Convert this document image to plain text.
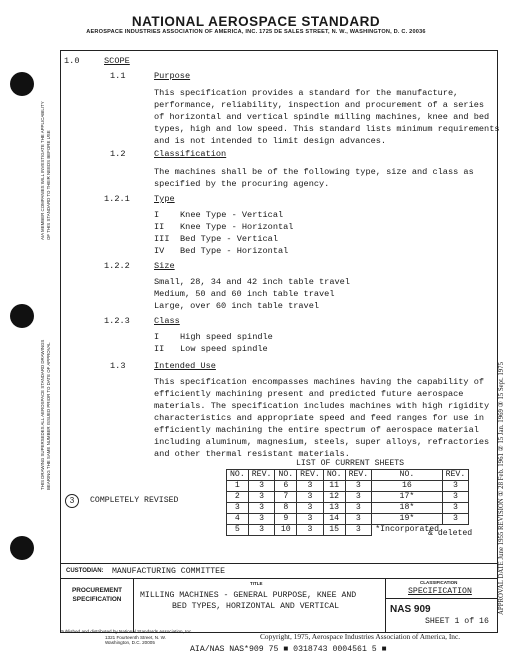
NATIONAL AEROSPACE STANDARD
AEROSPACE INDUSTRIES ASSOCIATION OF AMERICA, INC. 1725 DE SALES STREET, N. W., WASHINGTON, D. C. 20036
AIA MEMBER COMPANIES WILL INVESTIGATE THE APPLICABILITY OF THIS STANDARD TO THEIR NEEDS BEFORE USE
THIS DRAWING SUPERSEDES ALL AEROSPACE STANDARD DRAWINGS BEARING THE SAME NUMBER ISSUED PRIOR TO DATE OF APPROVAL	APPROVAL DATE June 1955 REVISION ① 28 Feb. 1961 ② 15 Jan. 1969 ③ 15 Sept. 1975
1.0	SCOPE
1.1	Purpose
This specification provides a standard for the manufacture,
performance, reliability, inspection and procurement of a series
of horizontal and vertical spindle milling machines, knee and bed
types, high and low speed. This standard lists minimum requirements
and is not intended to limit design advances.
1.2	Classification
The machines shall be of the following type, size and class as
specified by the procuring agency.
1.2.1	Type
I Knee Type - Vertical
II Knee Type - Horizontal
III Bed Type - Vertical
IV Bed Type - Horizontal
1.2.2	Size
Small, 28, 34 and 42 inch table travel
Medium, 50 and 60 inch table travel
Large, over 60 inch table travel
1.2.3	Class
I High speed spindle
II Low speed spindle
1.3	Intended Use
This specification encompasses machines having the capability of
efficiently machining present and predicted future aerospace
materials. The specification includes machines with high rigidity
characteristics and appropriate speed and feed ranges for use in
efficiently machining the entire spectrum of aerospace material
including aluminum, magnesium, steels, super alloys, refractories
and other thermal resistant materials.
LIST OF CURRENT SHEETS
NO.	REV.	NO.	REV.	NO.	REV.	NO.	REV.
1	3	6	3	11	3	16	3
2	3	7	3	12	3	17*	3
3	3	8	3	13	3	18*	3
4	3	9	3	14	3	19*	3
5	3	10	3	15	3	*Incorporated	
& deleted
3	COMPLETELY REVISED
CUSTODIAN: MANUFACTURING COMMITTEE
PROCUREMENT
SPECIFICATION
TITLE
MILLING MACHINES - GENERAL PURPOSE, KNEE AND
BED TYPES, HORIZONTAL AND VERTICAL
CLASSIFICATION
SPECIFICATION
NAS 909
SHEET 1 of 16
Published and distributed by National Standards Association, Inc.
1321 Fourteenth Street, N. W.
Washington, D.C. 20005
Copyright, 1975, Aerospace Industries Association of America, Inc.
AIA/NAS NAS*909 75 ■ 0318743 0004561 5 ■
